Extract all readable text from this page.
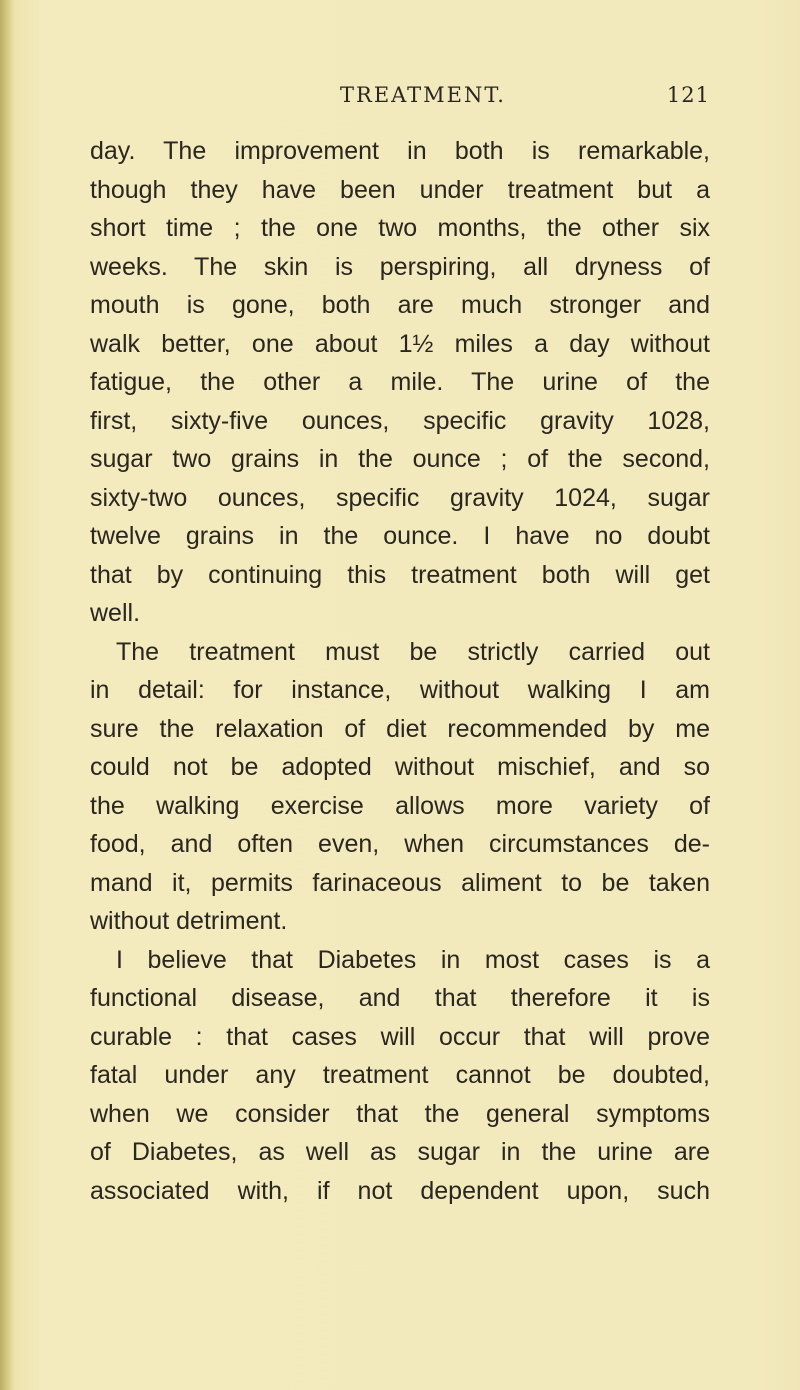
TREATMENT.	121
day. The improvement in both is remarkable,
though they have been under treatment but a
short time ; the one two months, the other six
weeks. The skin is perspiring, all dryness of
mouth is gone, both are much stronger and
walk better, one about 1½ miles a day without
fatigue, the other a mile. The urine of the
first, sixty-five ounces, specific gravity 1028,
sugar two grains in the ounce ; of the second,
sixty-two ounces, specific gravity 1024, sugar
twelve grains in the ounce. I have no doubt
that by continuing this treatment both will get
well.
The treatment must be strictly carried out
in detail: for instance, without walking I am
sure the relaxation of diet recommended by me
could not be adopted without mischief, and so
the walking exercise allows more variety of
food, and often even, when circumstances de-
mand it, permits farinaceous aliment to be taken
without detriment.
I believe that Diabetes in most cases is a
functional disease, and that therefore it is
curable : that cases will occur that will prove
fatal under any treatment cannot be doubted,
when we consider that the general symptoms
of Diabetes, as well as sugar in the urine are
associated with, if not dependent upon, such
